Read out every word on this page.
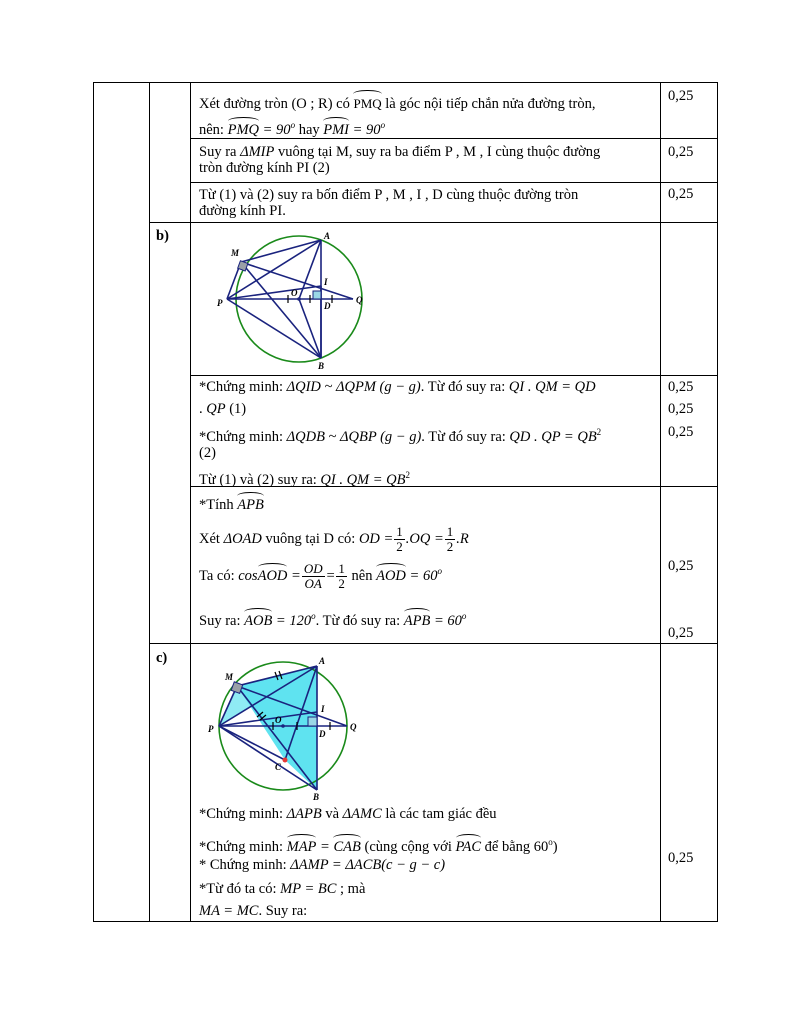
Xét đường tròn (O ; R) có PMQ là góc nội tiếp chắn nửa đường tròn,
nên: PMQ = $90^o$ hay PMI = $90^o$
0,25
Suy ra ΔMIP vuông tại M, suy ra ba điểm P , M , I cùng thuộc đường
tròn đường kính PI (2)
0,25
Từ (1) và (2) suy ra bốn điểm P , M , I , D cùng thuộc đường tròn
đường kính PI.
0,25
b)
M
A
I
P
O
D
Q
B
*Chứng minh: ΔQID ~ ΔQPM (g − g). Từ đó suy ra: QI . QM = QD
. QP (1)
*Chứng minh: ΔQDB ~ ΔQBP (g − g). Từ đó suy ra: QD . QP = $QB^2$
(2)
Từ (1) và (2) suy ra: QI . QM = $QB^2$
0,25
0,25
0,25
*Tính APB
Xét ΔOAD vuông tại D có: OD = $\frac{1}{2} .OQ = \frac{1}{2} .R$
Ta có: cosAOD = $\frac{OD}{OA} = \frac{1}{2}$ nên AOD = $60^o$
Suy ra: AOB = $120^o$. Từ đó suy ra: APB = $60^o$
0,25
0,25
c)
M
A
I
P
O
D
Q
C
B
*Chứng minh: ΔAPB và ΔAMC là các tam giác đều
*Chứng minh: MAP = CAB (cùng cộng với PAC để bằng 60$^o$)
* Chứng minh: ΔAMP = ΔACB(c − g − c)
*Từ đó ta có: MP = BC ; mà
MA = MC. Suy ra:
0,25
